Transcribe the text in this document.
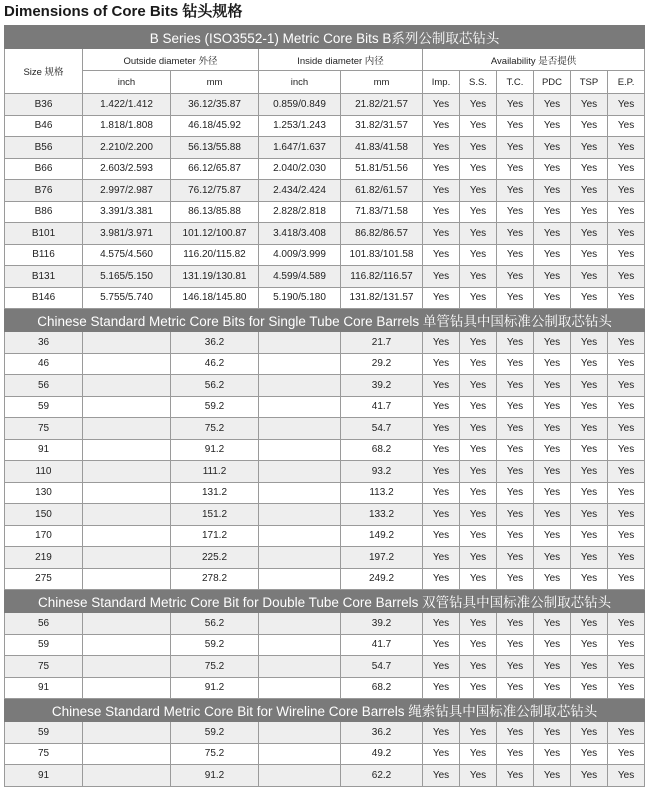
Dimensions of Core Bits 钻头规格
B Series (ISO3552-1) Metric Core Bits B系列公制取芯钻头										
Size 规格	Outside diameter 外径		Inside diameter 内径		Availability 是否提供					
	inch	mm	inch	mm	Imp.	S.S.	T.C.	PDC	TSP	E.P.
B36	1.422/1.412	36.12/35.87	0.859/0.849	21.82/21.57	Yes	Yes	Yes	Yes	Yes	Yes
B46	1.818/1.808	46.18/45.92	1.253/1.243	31.82/31.57	Yes	Yes	Yes	Yes	Yes	Yes
B56	2.210/2.200	56.13/55.88	1.647/1.637	41.83/41.58	Yes	Yes	Yes	Yes	Yes	Yes
B66	2.603/2.593	66.12/65.87	2.040/2.030	51.81/51.56	Yes	Yes	Yes	Yes	Yes	Yes
B76	2.997/2.987	76.12/75.87	2.434/2.424	61.82/61.57	Yes	Yes	Yes	Yes	Yes	Yes
B86	3.391/3.381	86.13/85.88	2.828/2.818	71.83/71.58	Yes	Yes	Yes	Yes	Yes	Yes
B101	3.981/3.971	101.12/100.87	3.418/3.408	86.82/86.57	Yes	Yes	Yes	Yes	Yes	Yes
B116	4.575/4.560	116.20/115.82	4.009/3.999	101.83/101.58	Yes	Yes	Yes	Yes	Yes	Yes
B131	5.165/5.150	131.19/130.81	4.599/4.589	116.82/116.57	Yes	Yes	Yes	Yes	Yes	Yes
B146	5.755/5.740	146.18/145.80	5.190/5.180	131.82/131.57	Yes	Yes	Yes	Yes	Yes	Yes
Chinese Standard Metric Core Bits for Single Tube Core Barrels 单管钻具中国标准公制取芯钻头										
36		36.2		21.7	Yes	Yes	Yes	Yes	Yes	Yes
46		46.2		29.2	Yes	Yes	Yes	Yes	Yes	Yes
56		56.2		39.2	Yes	Yes	Yes	Yes	Yes	Yes
59		59.2		41.7	Yes	Yes	Yes	Yes	Yes	Yes
75		75.2		54.7	Yes	Yes	Yes	Yes	Yes	Yes
91		91.2		68.2	Yes	Yes	Yes	Yes	Yes	Yes
110		111.2		93.2	Yes	Yes	Yes	Yes	Yes	Yes
130		131.2		113.2	Yes	Yes	Yes	Yes	Yes	Yes
150		151.2		133.2	Yes	Yes	Yes	Yes	Yes	Yes
170		171.2		149.2	Yes	Yes	Yes	Yes	Yes	Yes
219		225.2		197.2	Yes	Yes	Yes	Yes	Yes	Yes
275		278.2		249.2	Yes	Yes	Yes	Yes	Yes	Yes
Chinese Standard Metric Core Bit for Double Tube Core Barrels 双管钻具中国标准公制取芯钻头										
56		56.2		39.2	Yes	Yes	Yes	Yes	Yes	Yes
59		59.2		41.7	Yes	Yes	Yes	Yes	Yes	Yes
75		75.2		54.7	Yes	Yes	Yes	Yes	Yes	Yes
91		91.2		68.2	Yes	Yes	Yes	Yes	Yes	Yes
Chinese Standard Metric Core Bit for Wireline Core Barrels 绳索钻具中国标准公制取芯钻头										
59		59.2		36.2	Yes	Yes	Yes	Yes	Yes	Yes
75		75.2		49.2	Yes	Yes	Yes	Yes	Yes	Yes
91		91.2		62.2	Yes	Yes	Yes	Yes	Yes	Yes
